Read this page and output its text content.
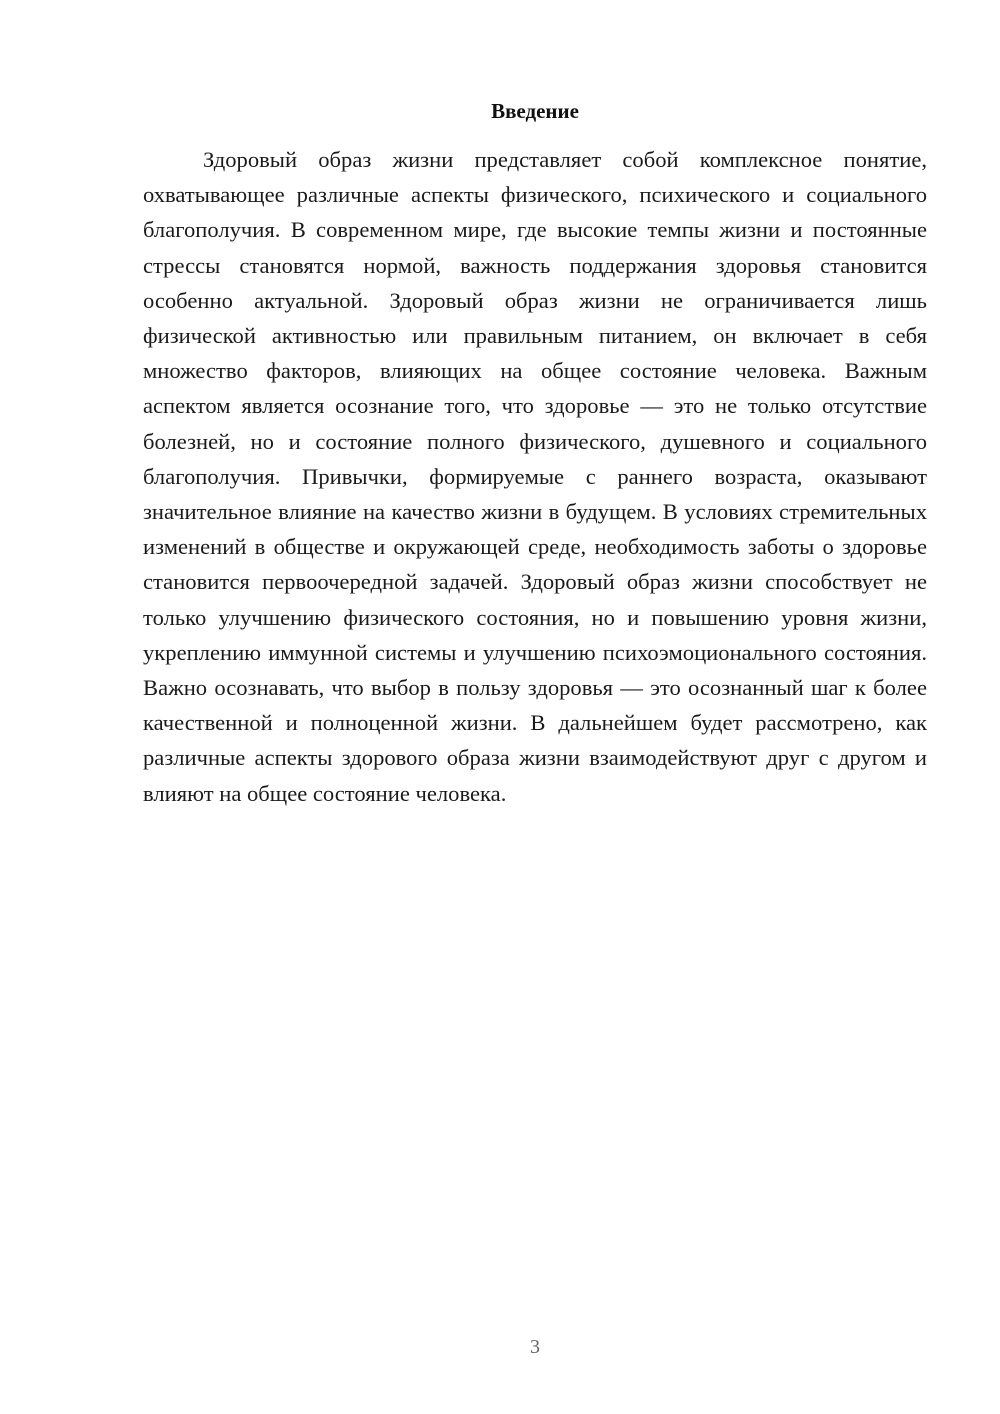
Введение

Здоровый образ жизни представляет собой комплексное понятие, охватывающее различные аспекты физического, психического и социального благополучия. В современном мире, где высокие темпы жизни и постоянные стрессы становятся нормой, важность поддержания здоровья становится особенно актуальной. Здоровый образ жизни не ограничивается лишь физической активностью или правильным питанием, он включает в себя множество факторов, влияющих на общее состояние человека. Важным аспектом является осознание того, что здоровье — это не только отсутствие болезней, но и состояние полного физического, душевного и социального благополучия. Привычки, формируемые с раннего возраста, оказывают значительное влияние на качество жизни в будущем. В условиях стремительных изменений в обществе и окружающей среде, необходимость заботы о здоровье становится первоочередной задачей. Здоровый образ жизни способствует не только улучшению физического состояния, но и повышению уровня жизни, укреплению иммунной системы и улучшению психоэмоционального состояния. Важно осознавать, что выбор в пользу здоровья — это осознанный шаг к более качественной и полноценной жизни. В дальнейшем будет рассмотрено, как различные аспекты здорового образа жизни взаимодействуют друг с другом и влияют на общее состояние человека.

3
